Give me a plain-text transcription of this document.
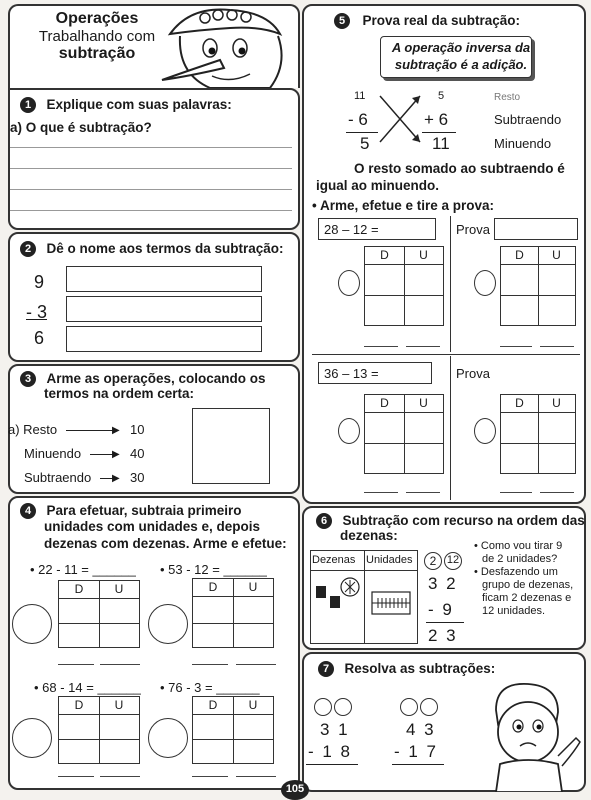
Operações
Trabalhando com
subtração
1 Explique com suas palavras:
a) O que é subtração?
2 Dê o nome aos termos da subtração:
9
- 3
6
3 Arme as operações, colocando os
termos na ordem certa:
a) Resto	▶ 10
Minuendo	▶ 40
Subtraendo ▶ 30
4 Para efetuar, subtraia primeiro
unidades com unidades e, depois
dezenas com dezenas. Arme e efetue:
• 22 - 11 = ______ • 53 - 12 = ______
D	U	D	U
• 68 - 14 = ______ • 76 - 3 = ______
D	U	D	U
5 Prova real da subtração:
A operação inversa da
subtração é a adição.
11
- 6
5
5
+ 6
11
Resto
Subtraendo
Minuendo
O resto somado ao subtraendo é
igual ao minuendo.
• Arme, efetue e tire a prova:
28 – 12 =	Prova
D	U	D	U
36 – 13 =	Prova
D	U	D	U
6 Subtração com recurso na ordem das
dezenas:
Dezenas Unidades	2 12
3 2
- 9
2 3
• Como vou tirar 9
de 2 unidades?
• Desfazendo um
grupo de dezenas,
ficam 2 dezenas e
12 unidades.
7 Resolva as subtrações:
3 1
- 1 8
4 3
- 1 7
105
